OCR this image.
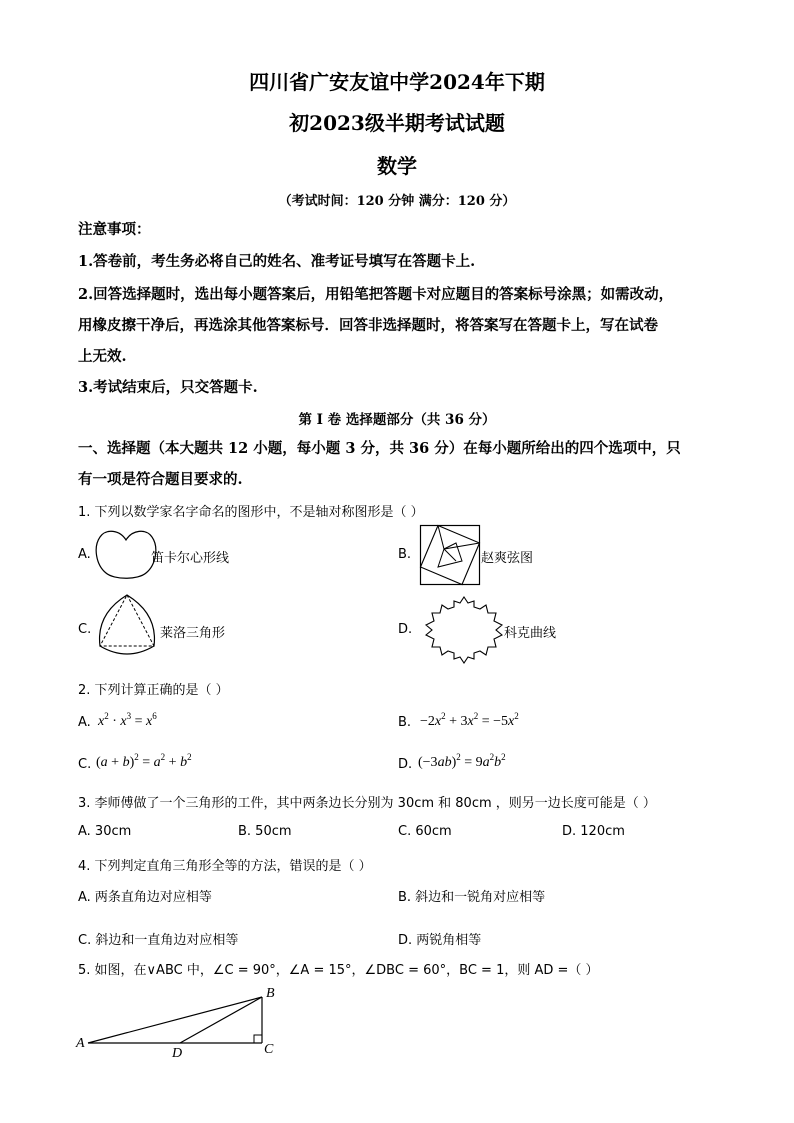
四川省广安友谊中学2024年下期
初2023级半期考试试题
数学
（考试时间：120 分钟 满分：120 分）
注意事项：
1.答卷前，考生务必将自己的姓名、准考证号填写在答题卡上.
2.回答选择题时，选出每小题答案后，用铅笔把答题卡对应题目的答案标号涂黑；如需改动，
用橡皮擦干净后，再选涂其他答案标号．回答非选择题时，将答案写在答题卡上，写在试卷
上无效.
3.考试结束后，只交答题卡.
第 I 卷 选择题部分（共 36 分）
一、选择题（本大题共 12 小题，每小题 3 分，共 36 分）在每小题所给出的四个选项中，只
有一项是符合题目要求的.
1. 下列以数学家名字命名的图形中，不是轴对称图形是（ ）
A.	笛卡尔心形线	B.	赵爽弦图
C.	莱洛三角形	D.	科克曲线
2. 下列计算正确的是（ ）
A. $x^2 \cdot x^3 = x^6$	B. $-2x^2 + 3x^2 = -5x^2$
C. $(a + b)^2 = a^2 + b^2$	D. $(-3ab)^2 = 9a^2b^2$
3. 李师傅做了一个三角形的工件，其中两条边长分别为 30cm 和 80cm ，则另一边长度可能是（ ）
A. 30cm	B. 50cm	C. 60cm	D. 120cm
4. 下列判定直角三角形全等的方法，错误的是（ ）
A. 两条直角边对应相等	B. 斜边和一锐角对应相等
C. 斜边和一直角边对应相等	D. 两锐角相等
5. 如图，在∨ABC 中，∠C = 90°，∠A = 15°，∠DBC = 60°，BC = 1，则 AD =（ ）
A
B
C
D
